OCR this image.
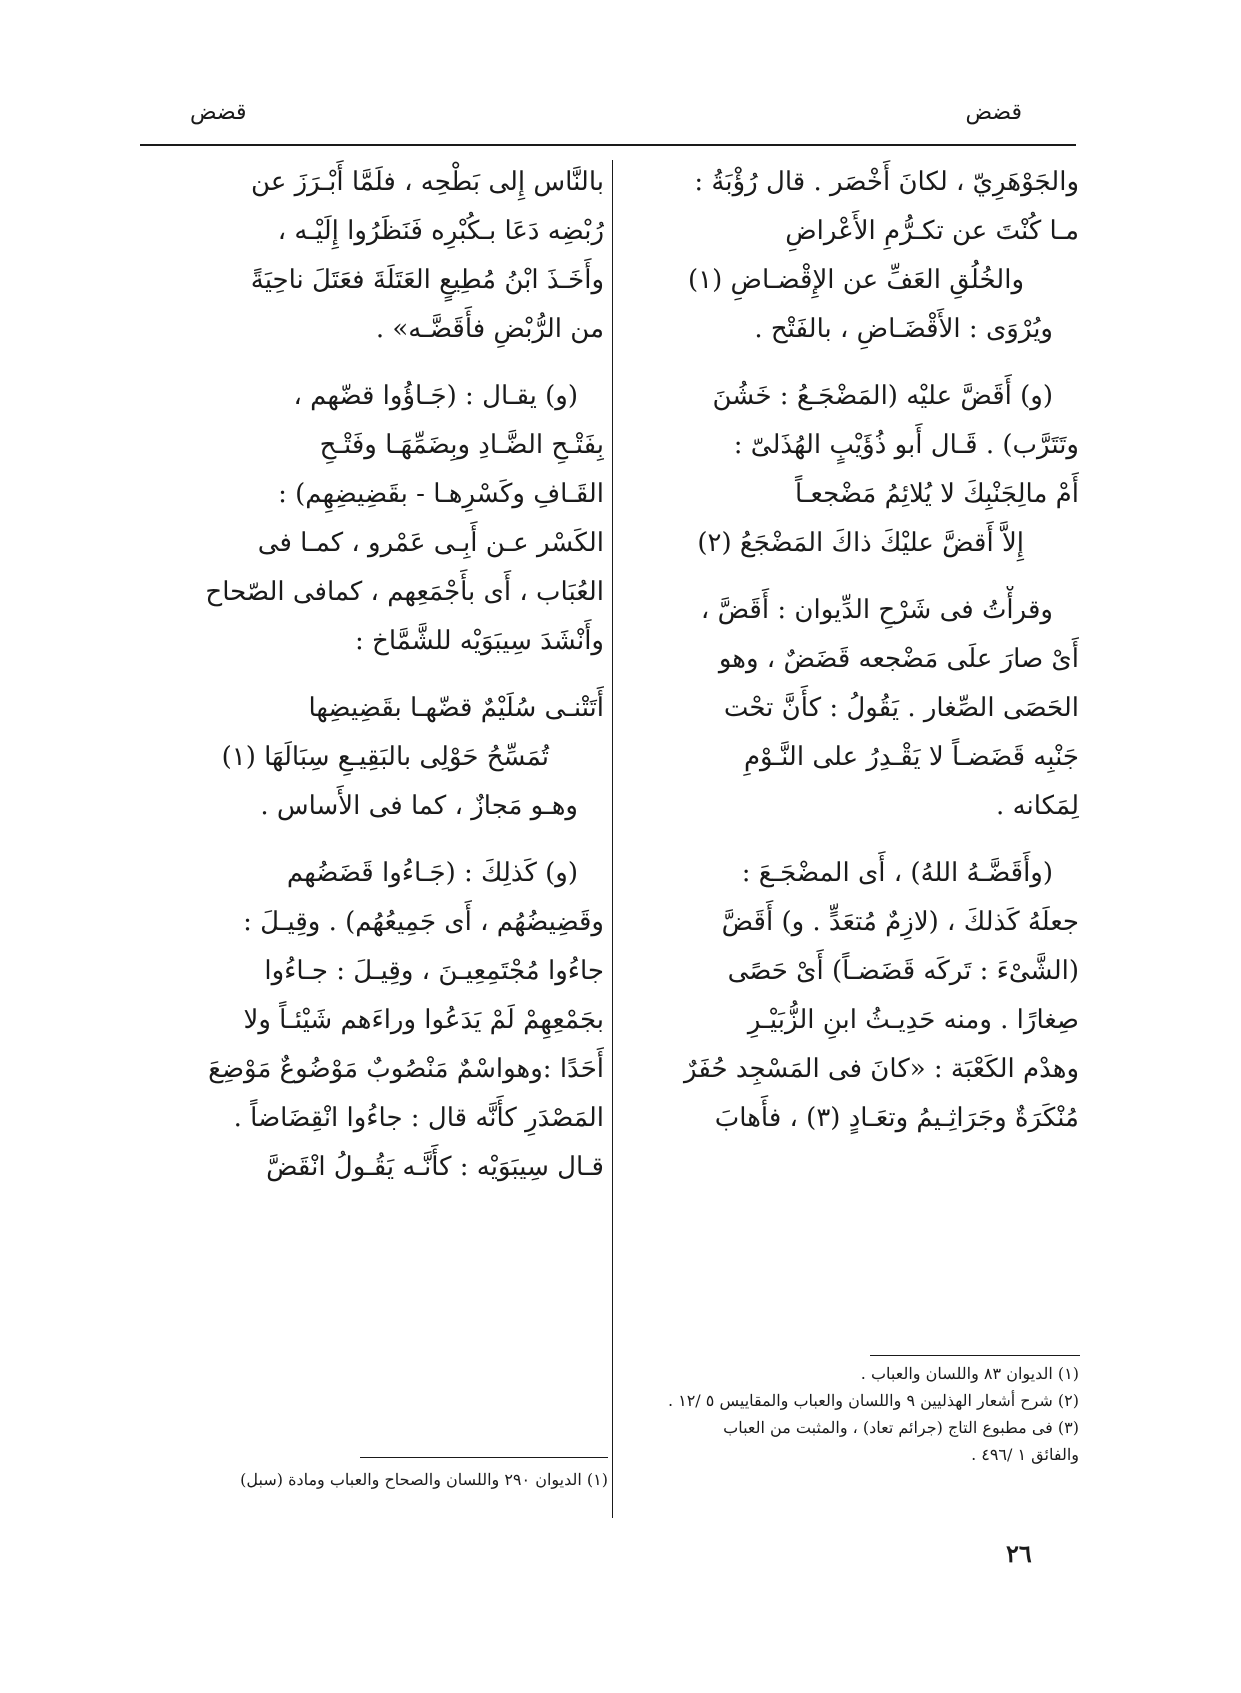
قضض
قضض
والجَوْهَرِيّ ، لكانَ أَخْصَر . قال رُؤْبَةُ :
مـا كُنْتَ عن تكـرُّمِ الأَعْراضِ
والخُلُقِ العَفِّ عن الإِقْضـاضِ (١)
ويُرْوَى : الأَقْضَـاضِ ، بالفَتْح .
(و) أَقَضَّ عليْه (المَضْجَـعُ : خَشُنَ
وتَتَرَّب) . قَـال أَبو ذُؤَيْبٍ الهُذَلىّ :
أَمْ مالِجَنْبِكَ لا يُلائِمُ مَضْجعـاً
إِلاَّ أَقضَّ عليْكَ ذاكَ المَضْجَعُ (٢)
وقرأْتُ فى شَرْحِ الدِّيوان : أَقَضَّ ،
أَىْ صارَ علَى مَضْجعه قَضَضٌ ، وهو
الحَصَى الصِّغار . يَقُولُ : كأَنَّ تحْت
جَنْبِه قَضَضـاً لا يَقْـدِرُ على النَّـوْمِ
لِمَكانه .
(وأَقَضَّـهُ اللهُ) ، أَى المضْجَـعَ :
جعلَهُ كَذلكَ ، (لازِمٌ مُتعَدٍّ . و) أَقَضَّ
(الشَّىْءَ : تَركَه قَضَضـاً) أَىْ حَصًى
صِغارًا . ومنه حَدِيـثُ ابنِ الزُّبَيْـرِ
وهدْم الكَعْبَة : «كانَ فى المَسْجِد حُفَرٌ
مُنْكَرَةٌ وجَرَاثِـيمُ وتعَـادٍ (٣) ، فأَهابَ
(١) الديوان ٨٣ واللسان والعباب .
(٢) شرح أشعار الهذليين ٩ واللسان والعباب والمقاييس ٥ /١٢ .
(٣) فى مطبوع التاج (جرائم تعاد) ، والمثبت من العباب
والفائق ١ /٤٩٦ .
بالنَّاس إِلى بَطْحِه ، فلَمَّا أَبْـرَزَ عن
رُبْضِه دَعَا بـكُبْرِه فَنَظَرُوا إِلَيْـه ،
وأَخَـذَ ابْنُ مُطِيعٍ العَتَلَةَ فعَتَلَ ناحِيَةً
من الرُّبْضِ فأَقَضَّـه» .
(و) يقـال : (جَـاؤُوا قضّهم ،
بِفَتْـحِ الضَّـادِ وبِضَمِّهَـا وفَتْـحِ
القَـافِ وكَسْرِهـا - بقَضِيضِهِم) :
الكَسْر عـن أَبِـى عَمْرو ، كمـا فى
العُبَاب ، أَى بأَجْمَعِهم ، كمافى الصّحاح
وأَنْشَدَ سِيبَوَيْه للشَّمَّاخ :
أَتَتْنـى سُلَيْمٌ قضّهـا بقَضِيضِها
تُمَسِّحُ حَوْلِى بالبَقِيـعِ سِبَالَهَا (١)
وهـو مَجازٌ ، كما فى الأَساس .
(و) كَذلِكَ : (جَـاءُوا قَضَضُهم
وقَضِيضُهُم ، أَى جَمِيعُهُم) . وقِيـلَ :
جاءُوا مُجْتَمِعِيـنَ ، وقِيـلَ : جـاءُوا
بجَمْعِهِمْ لَمْ يَدَعُوا وراءَهم شَيْئـاً ولا
أَحَدًا :وهواسْمٌ مَنْصُوبٌ مَوْضُوعٌ مَوْضِعَ
المَصْدَرِ كأَنَّه قال : جاءُوا انْقِضَاضاً .
قـال سِيبَوَيْه : كأَنَّـه يَقُـولُ انْقَضَّ
(١) الديوان ٢٩٠ واللسان والصحاح والعباب ومادة (سبل)
٢٦
